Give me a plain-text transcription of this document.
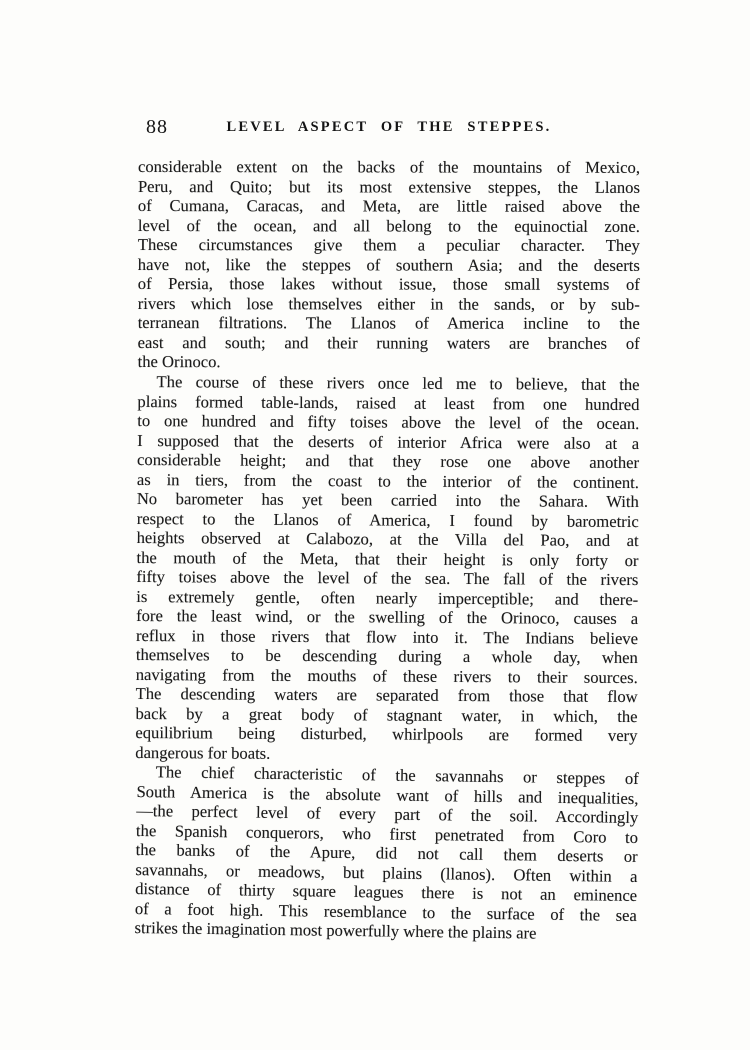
88	LEVEL ASPECT OF THE STEPPES.
considerable extent on the backs of the mountains of Mexico,
Peru, and Quito; but its most extensive steppes, the Llanos
of Cumana, Caracas, and Meta, are little raised above the
level of the ocean, and all belong to the equinoctial zone.
These circumstances give them a peculiar character. They
have not, like the steppes of southern Asia; and the deserts
of Persia, those lakes without issue, those small systems of
rivers which lose themselves either in the sands, or by sub-
terranean filtrations. The Llanos of America incline to the
east and south; and their running waters are branches of
the Orinoco.
The course of these rivers once led me to believe, that the
plains formed table-lands, raised at least from one hundred
to one hundred and fifty toises above the level of the ocean.
I supposed that the deserts of interior Africa were also at a
considerable height; and that they rose one above another
as in tiers, from the coast to the interior of the continent.
No barometer has yet been carried into the Sahara. With
respect to the Llanos of America, I found by barometric
heights observed at Calabozo, at the Villa del Pao, and at
the mouth of the Meta, that their height is only forty or
fifty toises above the level of the sea. The fall of the rivers
is extremely gentle, often nearly imperceptible; and there-
fore the least wind, or the swelling of the Orinoco, causes a
reflux in those rivers that flow into it. The Indians believe
themselves to be descending during a whole day, when
navigating from the mouths of these rivers to their sources.
The descending waters are separated from those that flow
back by a great body of stagnant water, in which, the
equilibrium being disturbed, whirlpools are formed very
dangerous for boats.
The chief characteristic of the savannahs or steppes of
South America is the absolute want of hills and inequalities,
—the perfect level of every part of the soil. Accordingly
the Spanish conquerors, who first penetrated from Coro to
the banks of the Apure, did not call them deserts or
savannahs, or meadows, but plains (llanos). Often within a
distance of thirty square leagues there is not an eminence
of a foot high. This resemblance to the surface of the sea
strikes the imagination most powerfully where the plains are
